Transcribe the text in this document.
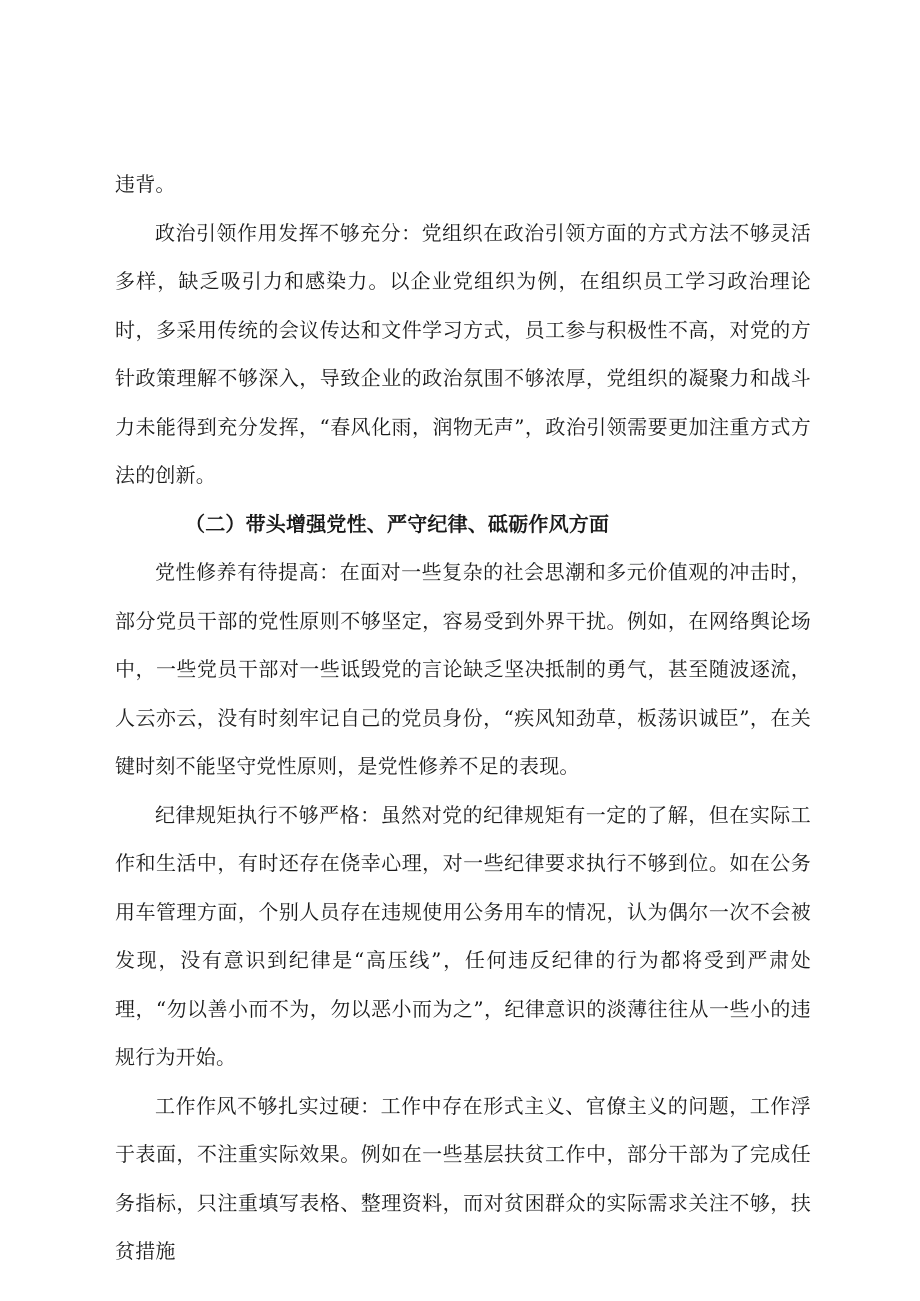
违背。

政治引领作用发挥不够充分：党组织在政治引领方面的方式方法不够灵活多样，缺乏吸引力和感染力。以企业党组织为例，在组织员工学习政治理论时，多采用传统的会议传达和文件学习方式，员工参与积极性不高，对党的方针政策理解不够深入，导致企业的政治氛围不够浓厚，党组织的凝聚力和战斗力未能得到充分发挥，“春风化雨，润物无声”，政治引领需要更加注重方式方法的创新。

（二）带头增强党性、严守纪律、砥砺作风方面

党性修养有待提高：在面对一些复杂的社会思潮和多元价值观的冲击时，部分党员干部的党性原则不够坚定，容易受到外界干扰。例如，在网络舆论场中，一些党员干部对一些诋毁党的言论缺乏坚决抵制的勇气，甚至随波逐流，人云亦云，没有时刻牢记自己的党员身份，“疾风知劲草，板荡识诚臣”，在关键时刻不能坚守党性原则，是党性修养不足的表现。

纪律规矩执行不够严格：虽然对党的纪律规矩有一定的了解，但在实际工作和生活中，有时还存在侥幸心理，对一些纪律要求执行不够到位。如在公务用车管理方面，个别人员存在违规使用公务用车的情况，认为偶尔一次不会被发现，没有意识到纪律是“高压线”，任何违反纪律的行为都将受到严肃处理，“勿以善小而不为，勿以恶小而为之”，纪律意识的淡薄往往从一些小的违规行为开始。

工作作风不够扎实过硬：工作中存在形式主义、官僚主义的问题，工作浮于表面，不注重实际效果。例如在一些基层扶贫工作中，部分干部为了完成任务指标，只注重填写表格、整理资料，而对贫困群众的实际需求关注不够，扶贫措施
